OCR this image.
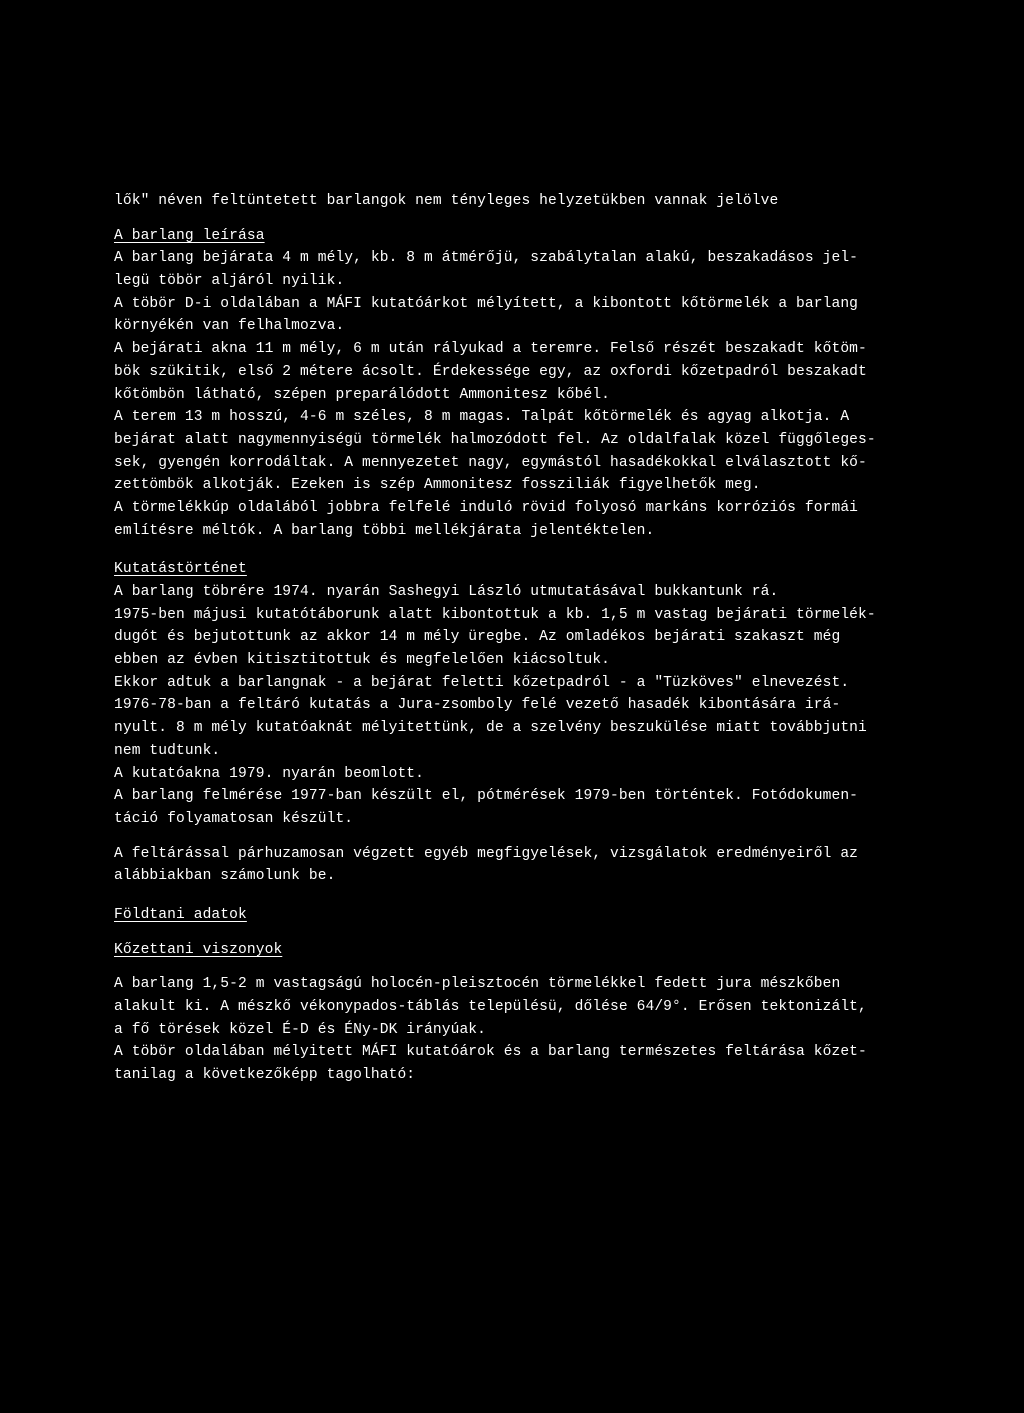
lők" néven feltüntetett barlangok nem tényleges helyzetükben vannak jelölve
A barlang leírása
A barlang bejárata 4 m mély, kb. 8 m átmérőjü, szabálytalan alakú, beszakadásos jel-
legü töbör aljáról nyilik.
A töbör D-i oldalában a MÁFI kutatóárkot mélyített, a kibontott kőtörmelék a barlang
környékén van felhalmozva.
A bejárati akna 11 m mély, 6 m után rályukad a teremre. Felső részét beszakadt kőtöm-
bök szükitik, első 2 métere ácsolt. Érdekessége egy, az oxfordi kőzetpadról beszakadt
kőtömbön látható, szépen preparálódott Ammonitesz kőbél.
A terem 13 m hosszú, 4-6 m széles, 8 m magas. Talpát kőtörmelék és agyag alkotja. A
bejárat alatt nagymennyiségü törmelék halmozódott fel. Az oldalfalak közel függőleges-
sek, gyengén korrodáltak. A mennyezetet nagy, egymástól hasadékokkal elválasztott kő-
zettömbök alkotják. Ezeken is szép Ammonitesz fossziliák figyelhetők meg.
A törmelékkúp oldalából jobbra felfelé induló rövid folyosó markáns korróziós formái
említésre méltók. A barlang többi mellékjárata jelentéktelen.
Kutatástörténet
A barlang töbrére 1974. nyarán Sashegyi László utmutatásával bukkantunk rá.
1975-ben májusi kutatótáborunk alatt kibontottuk a kb. 1,5 m vastag bejárati törmelék-
dugót és bejutottunk az akkor 14 m mély üregbe. Az omladékos bejárati szakaszt még
ebben az évben kitisztitottuk és megfelelően kiácsoltuk.
Ekkor adtuk a barlangnak - a bejárat feletti kőzetpadról - a "Tüzköves" elnevezést.
1976-78-ban a feltáró kutatás a Jura-zsomboly felé vezető hasadék kibontására irá-
nyult. 8 m mély kutatóaknát mélyitettünk, de a szelvény beszukülése miatt továbbjutni
nem tudtunk.
A kutatóakna 1979. nyarán beomlott.
A barlang felmérése 1977-ban készült el, pótmérések 1979-ben történtek. Fotódokumen-
táció folyamatosan készült.
A feltárással párhuzamosan végzett egyéb megfigyelések, vizsgálatok eredményeiről az
alábbiakban számolunk be.
Földtani adatok
Kőzettani viszonyok
A barlang 1,5-2 m vastagságú holocén-pleisztocén törmelékkel fedett jura mészkőben
alakult ki. A mészkő vékonypados-táblás településü, dőlése 64/9°. Erősen tektonizált,
a fő törések közel É-D és ÉNy-DK irányúak.
A töbör oldalában mélyitett MÁFI kutatóárok és a barlang természetes feltárása kőzet-
tanilag a következőképp tagolható:
